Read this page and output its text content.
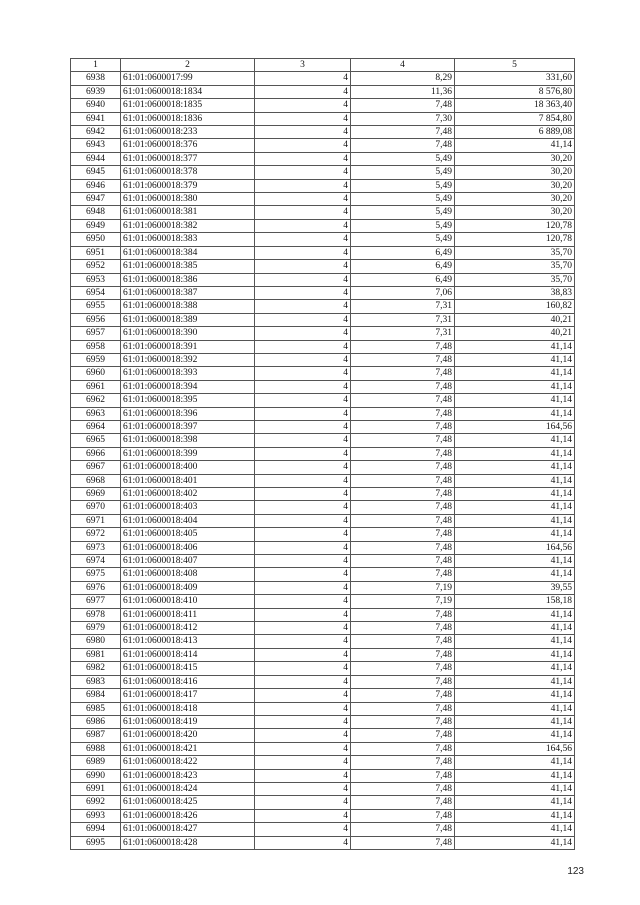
1	2	3	4	5
6938	61:01:0600017:99	4	8,29	331,60
6939	61:01:0600018:1834	4	11,36	8 576,80
6940	61:01:0600018:1835	4	7,48	18 363,40
6941	61:01:0600018:1836	4	7,30	7 854,80
6942	61:01:0600018:233	4	7,48	6 889,08
6943	61:01:0600018:376	4	7,48	41,14
6944	61:01:0600018:377	4	5,49	30,20
6945	61:01:0600018:378	4	5,49	30,20
6946	61:01:0600018:379	4	5,49	30,20
6947	61:01:0600018:380	4	5,49	30,20
6948	61:01:0600018:381	4	5,49	30,20
6949	61:01:0600018:382	4	5,49	120,78
6950	61:01:0600018:383	4	5,49	120,78
6951	61:01:0600018:384	4	6,49	35,70
6952	61:01:0600018:385	4	6,49	35,70
6953	61:01:0600018:386	4	6,49	35,70
6954	61:01:0600018:387	4	7,06	38,83
6955	61:01:0600018:388	4	7,31	160,82
6956	61:01:0600018:389	4	7,31	40,21
6957	61:01:0600018:390	4	7,31	40,21
6958	61:01:0600018:391	4	7,48	41,14
6959	61:01:0600018:392	4	7,48	41,14
6960	61:01:0600018:393	4	7,48	41,14
6961	61:01:0600018:394	4	7,48	41,14
6962	61:01:0600018:395	4	7,48	41,14
6963	61:01:0600018:396	4	7,48	41,14
6964	61:01:0600018:397	4	7,48	164,56
6965	61:01:0600018:398	4	7,48	41,14
6966	61:01:0600018:399	4	7,48	41,14
6967	61:01:0600018:400	4	7,48	41,14
6968	61:01:0600018:401	4	7,48	41,14
6969	61:01:0600018:402	4	7,48	41,14
6970	61:01:0600018:403	4	7,48	41,14
6971	61:01:0600018:404	4	7,48	41,14
6972	61:01:0600018:405	4	7,48	41,14
6973	61:01:0600018:406	4	7,48	164,56
6974	61:01:0600018:407	4	7,48	41,14
6975	61:01:0600018:408	4	7,48	41,14
6976	61:01:0600018:409	4	7,19	39,55
6977	61:01:0600018:410	4	7,19	158,18
6978	61:01:0600018:411	4	7,48	41,14
6979	61:01:0600018:412	4	7,48	41,14
6980	61:01:0600018:413	4	7,48	41,14
6981	61:01:0600018:414	4	7,48	41,14
6982	61:01:0600018:415	4	7,48	41,14
6983	61:01:0600018:416	4	7,48	41,14
6984	61:01:0600018:417	4	7,48	41,14
6985	61:01:0600018:418	4	7,48	41,14
6986	61:01:0600018:419	4	7,48	41,14
6987	61:01:0600018:420	4	7,48	41,14
6988	61:01:0600018:421	4	7,48	164,56
6989	61:01:0600018:422	4	7,48	41,14
6990	61:01:0600018:423	4	7,48	41,14
6991	61:01:0600018:424	4	7,48	41,14
6992	61:01:0600018:425	4	7,48	41,14
6993	61:01:0600018:426	4	7,48	41,14
6994	61:01:0600018:427	4	7,48	41,14
6995	61:01:0600018:428	4	7,48	41,14
123
